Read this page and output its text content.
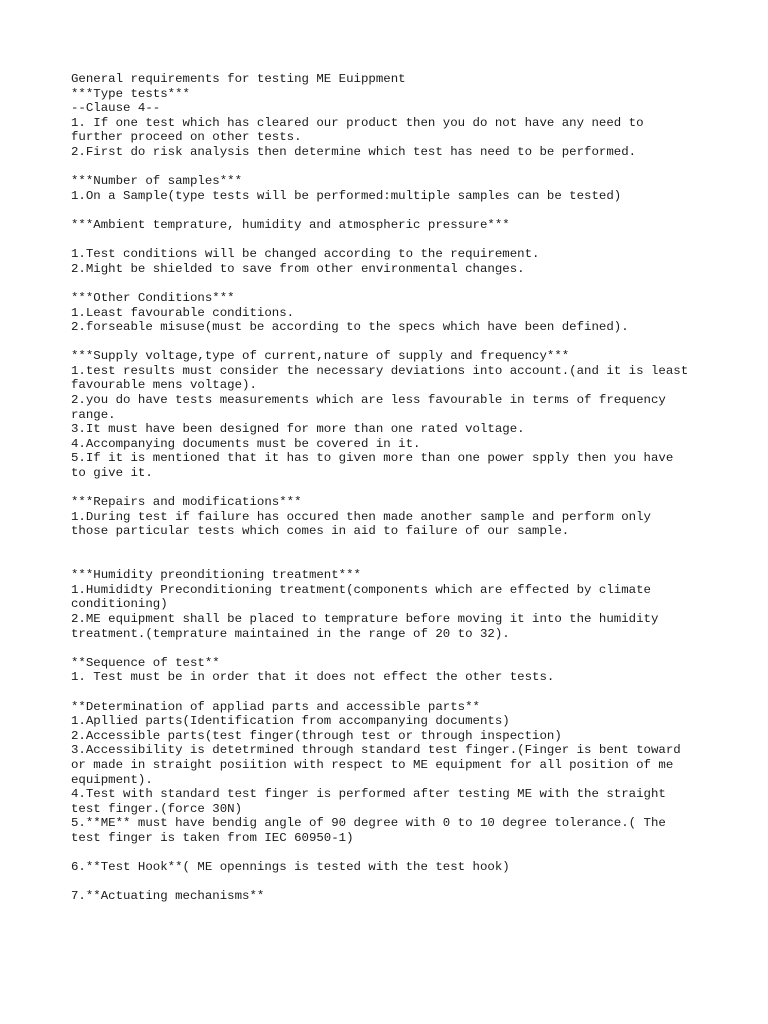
General requirements for testing ME Euippment
***Type tests***
--Clause 4--
1. If one test which has cleared our product then you do not have any need to
further proceed on other tests.
2.First do risk analysis then determine which test has need to be performed.
***Number of samples***
1.On a Sample(type tests will be performed:multiple samples can be tested)
***Ambient temprature, humidity and atmospheric pressure***
1.Test conditions will be changed according to the requirement.
2.Might be shielded to save from other environmental changes.
***Other Conditions***
1.Least favourable conditions.
2.forseable misuse(must be according to the specs which have been defined).
***Supply voltage,type of current,nature of supply and frequency***
1.test results must consider the necessary deviations into account.(and it is least
favourable mens voltage).
2.you do have tests measurements which are less favourable in terms of frequency
range.
3.It must have been designed for more than one rated voltage.
4.Accompanying documents must be covered in it.
5.If it is mentioned that it has to given more than one power spply then you have
to give it.
***Repairs and modifications***
1.During test if failure has occured then made another sample and perform only
those particular tests which comes in aid to failure of our sample.
***Humidity preonditioning treatment***
1.Humididty Preconditioning treatment(components which are effected by climate
conditioning)
2.ME equipment shall be placed to temprature before moving it into the humidity
treatment.(temprature maintained in the range of 20 to 32).
**Sequence of test**
1. Test must be in order that it does not effect the other tests.
**Determination of appliad parts and accessible parts**
1.Apllied parts(Identification from accompanying documents)
2.Accessible parts(test finger(through test or through inspection)
3.Accessibility is detetrmined through standard test finger.(Finger is bent toward
or made in straight posiition with respect to ME equipment for all position of me
equipment).
4.Test with standard test finger is performed after testing ME with the straight
test finger.(force 30N)
5.**ME** must have bendig angle of 90 degree with 0 to 10 degree tolerance.( The
test finger is taken from IEC 60950-1)
6.**Test Hook**( ME opennings is tested with the test hook)
7.**Actuating mechanisms**
